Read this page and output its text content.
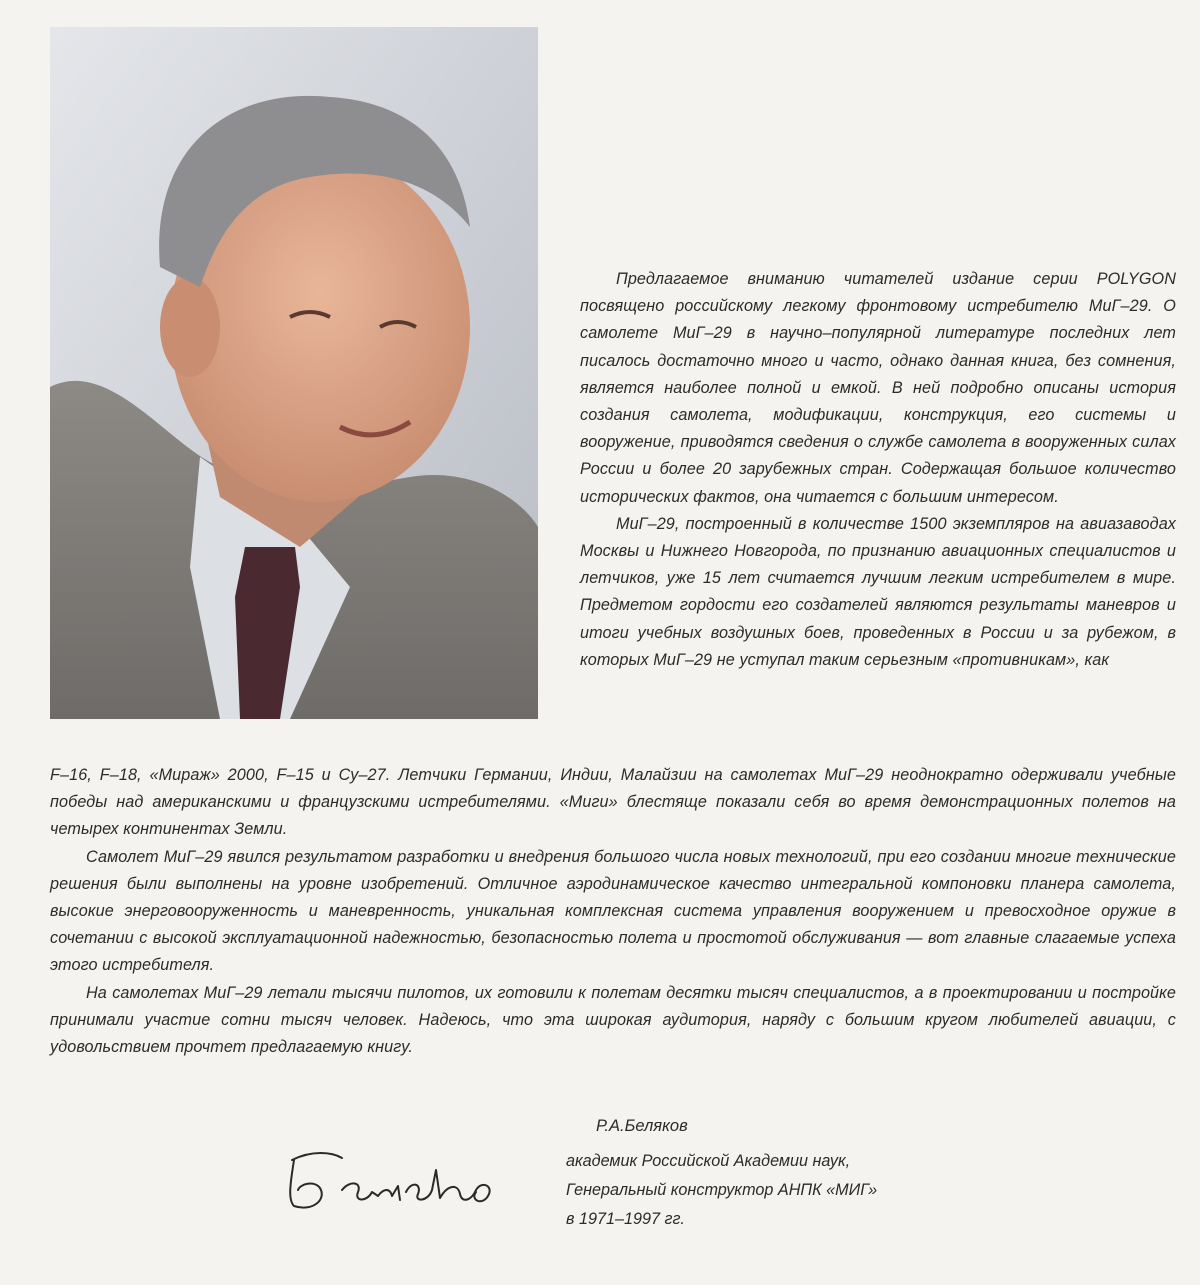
Предлагаемое вниманию читателей издание серии POLYGON посвящено российскому легкому фронтовому истребителю МиГ–29. О самолете МиГ–29 в научно–популярной литературе последних лет писалось достаточно много и часто, однако данная книга, без сомнения, является наиболее полной и емкой. В ней подробно описаны история создания самолета, модификации, конструкция, его системы и вооружение, приводятся сведения о службе самолета в вооруженных силах России и более 20 зарубежных стран. Содержащая большое количество исторических фактов, она читается с большим интересом.

МиГ–29, построенный в количестве 1500 экземпляров на авиазаводах Москвы и Нижнего Новгорода, по признанию авиационных специалистов и летчиков, уже 15 лет считается лучшим легким истребителем в мире. Предметом гордости его создателей являются результаты маневров и итоги учебных воздушных боев, проведенных в России и за рубежом, в которых МиГ–29 не уступал таким серьезным «противникам», как

F–16, F–18, «Мираж» 2000, F–15 и Су–27. Летчики Германии, Индии, Малайзии на самолетах МиГ–29 неоднократно одерживали учебные победы над американскими и французскими истребителями. «Миги» блестяще показали себя во время демонстрационных полетов на четырех континентах Земли.

Самолет МиГ–29 явился результатом разработки и внедрения большого числа новых технологий, при его создании многие технические решения были выполнены на уровне изобретений. Отличное аэродинамическое качество интегральной компоновки планера самолета, высокие энерговооруженность и маневренность, уникальная комплексная система управления вооружением и превосходное оружие в сочетании с высокой эксплуатационной надежностью, безопасностью полета и простотой обслуживания — вот главные слагаемые успеха этого истребителя.

На самолетах МиГ–29 летали тысячи пилотов, их готовили к полетам десятки тысяч специалистов, а в проектировании и постройке принимали участие сотни тысяч человек. Надеюсь, что эта широкая аудитория, наряду с большим кругом любителей авиации, с удовольствием прочтет предлагаемую книгу.

Р.А.Беляков
академик Российской Академии наук,
Генеральный конструктор АНПК «МИГ»
в 1971–1997 гг.
